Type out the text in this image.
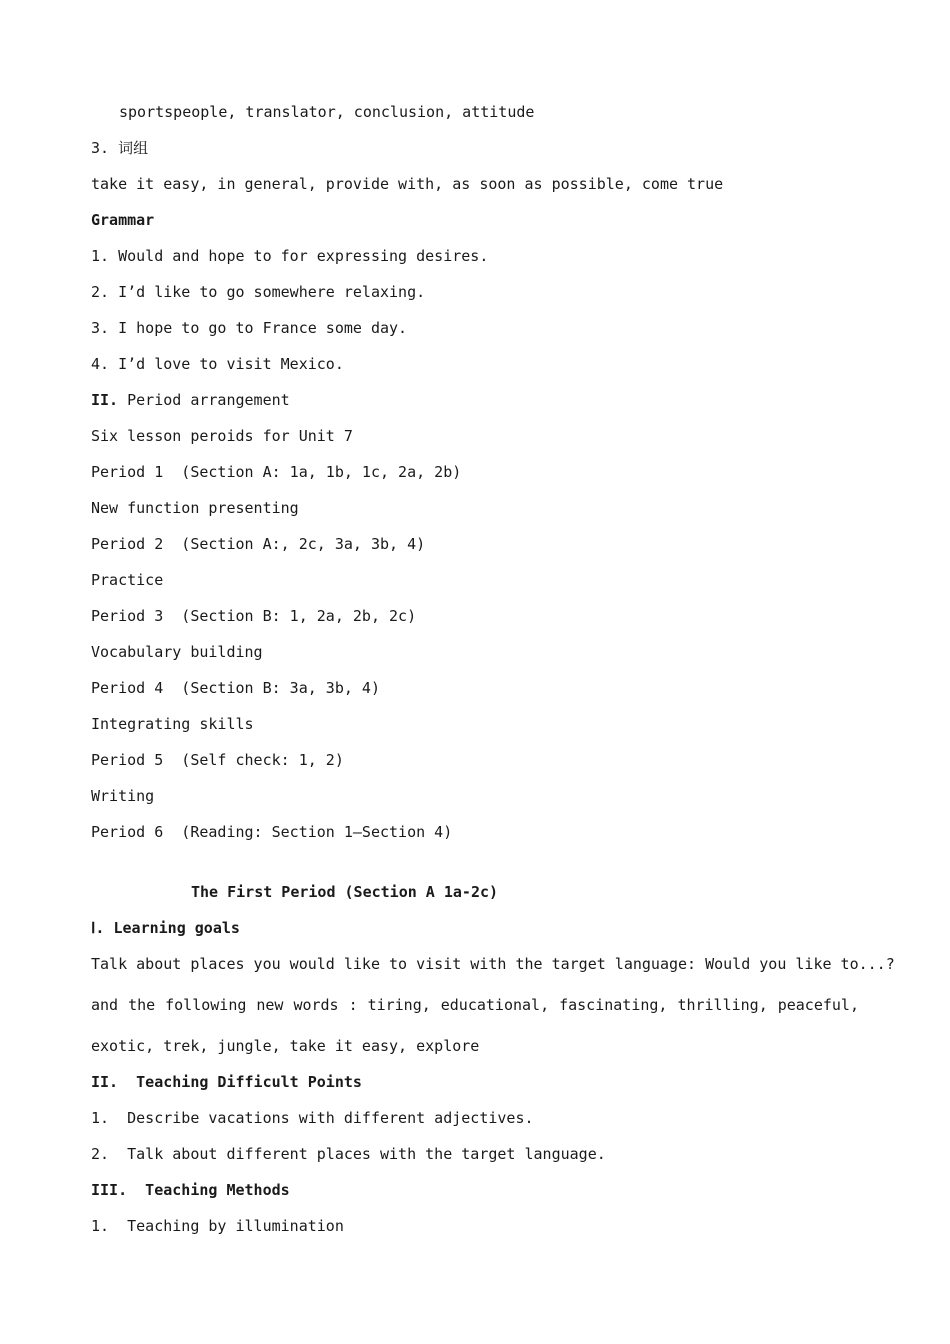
sportspeople, translator, conclusion, attitude
3. 词组
take it easy, in general, provide with, as soon as possible, come true
Grammar
1. Would and hope to for expressing desires.
2. I’d like to go somewhere relaxing.
3. I hope to go to France some day.
4. I’d love to visit Mexico.
II. Period arrangement
Six lesson peroids for Unit 7
Period 1  (Section A: 1a, 1b, 1c, 2a, 2b)
New function presenting
Period 2  (Section A:, 2c, 3a, 3b, 4)
Practice
Period 3  (Section B: 1, 2a, 2b, 2c)
Vocabulary building
Period 4  (Section B: 3a, 3b, 4)
Integrating skills
Period 5  (Self check: 1, 2)
Writing
Period 6  (Reading: Section 1—Section 4)
The First Period (Section A 1a-2c)
Ⅰ. Learning goals
Talk about places you would like to visit with the target language: Would you like to...?
and the following new words : tiring, educational, fascinating, thrilling, peaceful,
exotic, trek, jungle, take it easy, explore
II.  Teaching Difficult Points
1.  Describe vacations with different adjectives.
2.  Talk about different places with the target language.
III.  Teaching Methods
1.  Teaching by illumination
